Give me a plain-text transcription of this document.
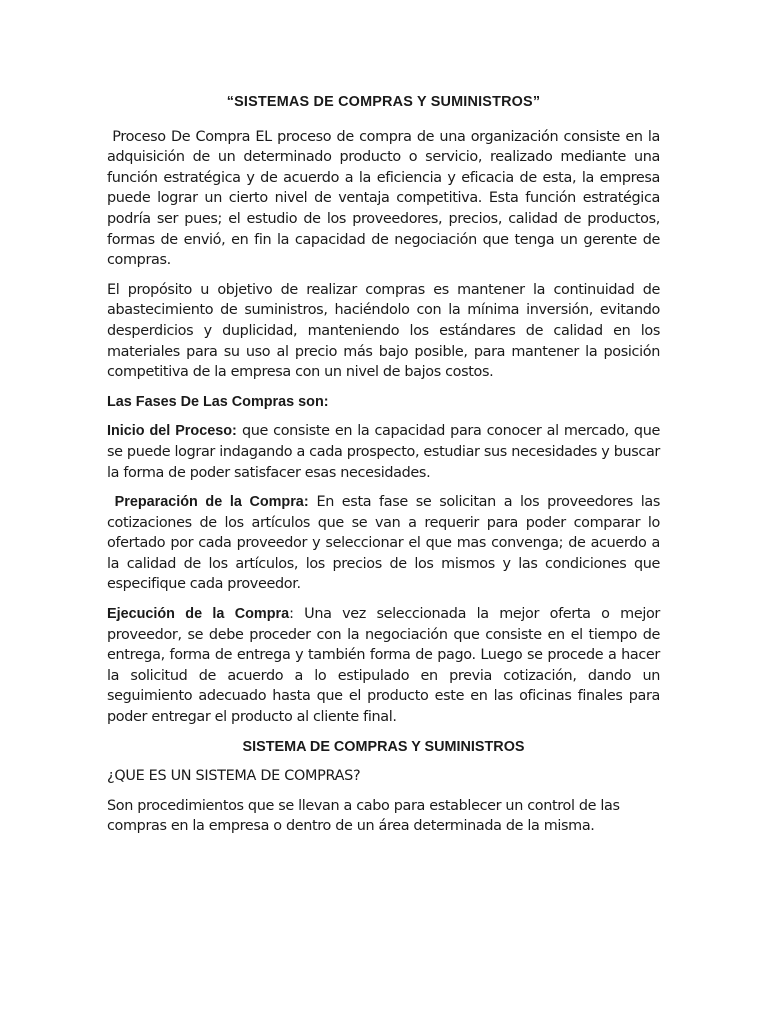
“SISTEMAS DE COMPRAS Y SUMINISTROS”

Proceso De Compra EL proceso de compra de una organización consiste en la adquisición de un determinado producto o servicio, realizado mediante una función estratégica y de acuerdo a la eficiencia y eficacia de esta, la empresa puede lograr un cierto nivel de ventaja competitiva. Esta función estratégica podría ser pues; el estudio de los proveedores, precios, calidad de productos, formas de envió, en fin la capacidad de negociación que tenga un gerente de compras.

El propósito u objetivo de realizar compras es mantener la continuidad de abastecimiento de suministros, haciéndolo con la mínima inversión, evitando desperdicios y duplicidad, manteniendo los estándares de calidad en los materiales para su uso al precio más bajo posible, para mantener la posición competitiva de la empresa con un nivel de bajos costos.

Las Fases De Las Compras son:

Inicio del Proceso: que consiste en la capacidad para conocer al mercado, que se puede lograr indagando a cada prospecto, estudiar sus necesidades y buscar la forma de poder satisfacer esas necesidades.

Preparación de la Compra: En esta fase se solicitan a los proveedores las cotizaciones de los artículos que se van a requerir para poder comparar lo ofertado por cada proveedor y seleccionar el que mas convenga; de acuerdo a la calidad de los artículos, los precios de los mismos y las condiciones que especifique cada proveedor.

Ejecución de la Compra: Una vez seleccionada la mejor oferta o mejor proveedor, se debe proceder con la negociación que consiste en el tiempo de entrega, forma de entrega y también forma de pago. Luego se procede a hacer la solicitud de acuerdo a lo estipulado en previa cotización, dando un seguimiento adecuado hasta que el producto este en las oficinas finales para poder entregar el producto al cliente final.

SISTEMA DE COMPRAS Y SUMINISTROS

¿QUE ES UN SISTEMA DE COMPRAS?

Son procedimientos que se llevan a cabo para establecer un control de las compras en la empresa o dentro de un área determinada de la misma.
